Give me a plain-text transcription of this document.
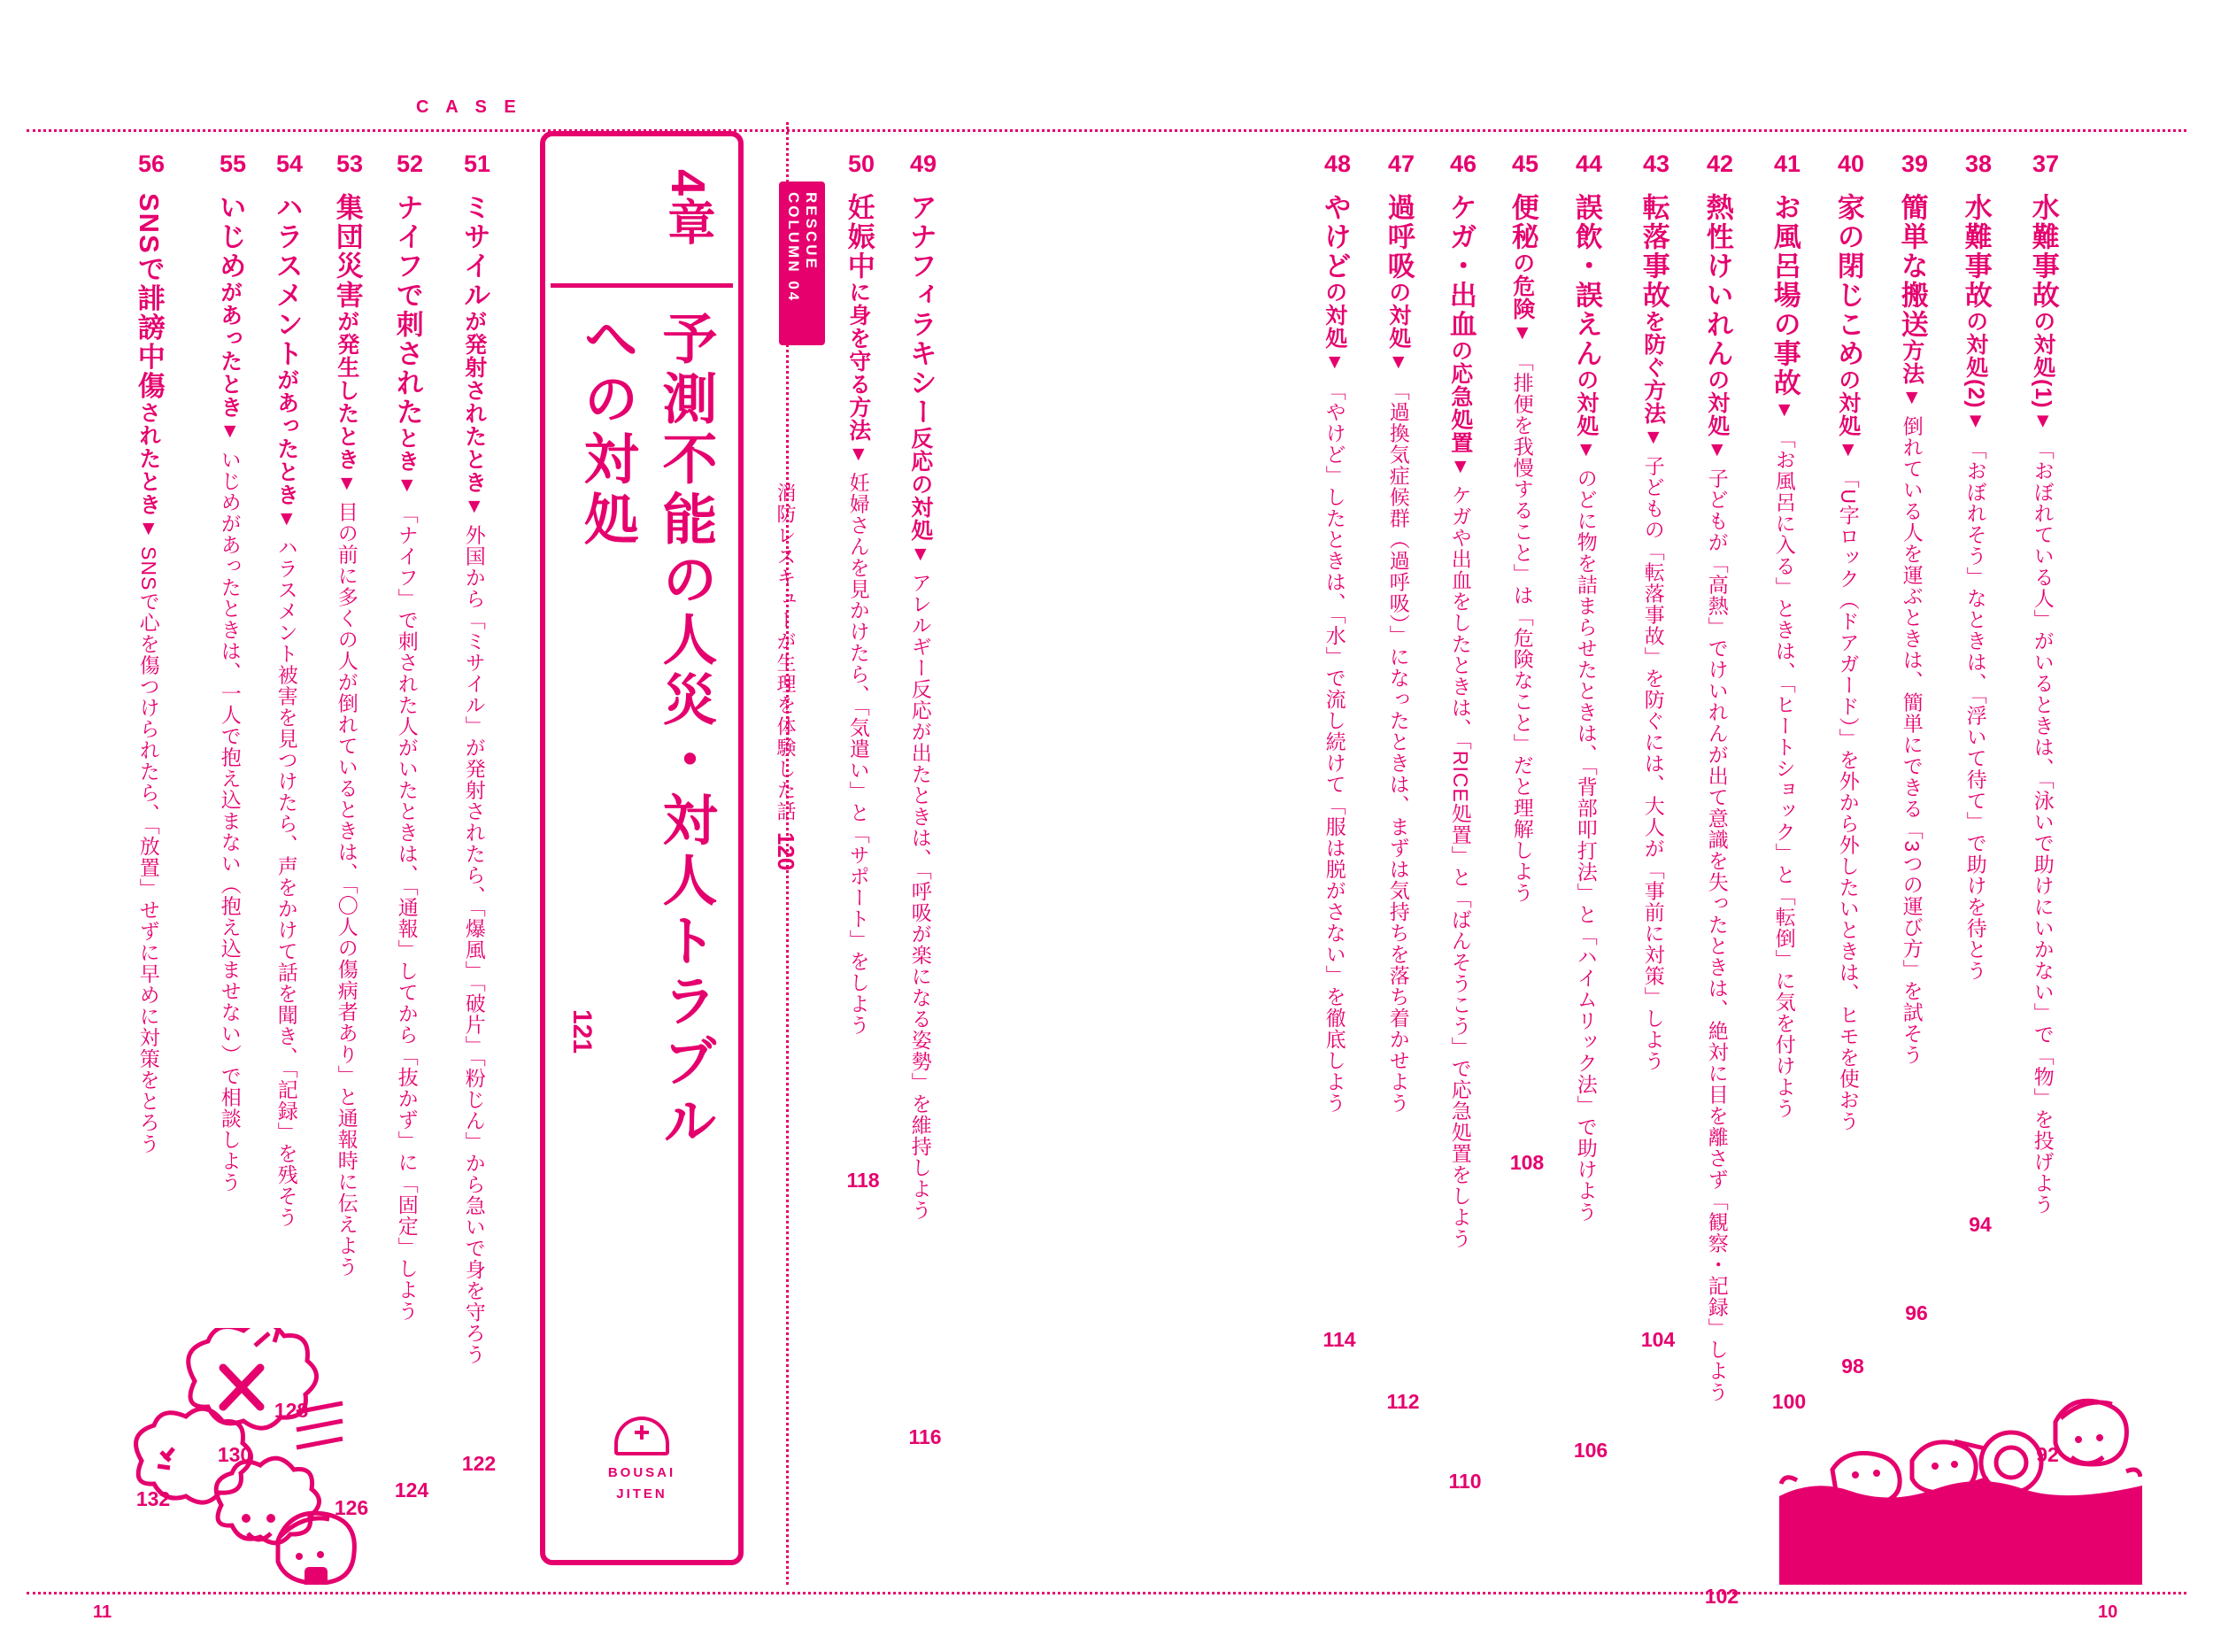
C A S E
4章
予測不能の人災・対人トラブルへの対処
121
BOUSAI
JITEN
RESCUE COLUMN 04
消防レスキューが生理を体験した話
120
56
SNSで誹謗中傷されたとき▼ SNSで心を傷つけられたら、「放置」せずに早めに対策をとろう
132
55
いじめがあったとき▼ いじめがあったときは、一人で抱え込まない（抱え込ませない）で相談しよう
130
54
ハラスメントがあったとき▼ ハラスメント被害を見つけたら、声をかけて話を聞き、「記録」を残そう
128
53
集団災害が発生したとき▼ 目の前に多くの人が倒れているときは、「〇人の傷病者あり」と通報時に伝えよう
126
52
ナイフで刺されたとき▼ 「ナイフ」で刺された人がいたときは、「通報」してから「抜かず」に「固定」しよう
124
51
ミサイルが発射されたとき▼ 外国から「ミサイル」が発射されたら、「爆風」「破片」「粉じん」から急いで身を守ろう
122
50
妊娠中に身を守る方法▼ 妊婦さんを見かけたら、「気遣い」と「サポート」をしよう
118
49
アナフィラキシー反応の対処▼ アレルギー反応が出たときは、「呼吸が楽になる姿勢」を維持しよう
116
48
やけどの対処▼ 「やけど」したときは、「水」で流し続けて「服は脱がさない」を徹底しよう
114
47
過呼吸の対処▼ 「過換気症候群（過呼吸）」になったときは、まずは気持ちを落ち着かせよう
112
46
ケガ・出血の応急処置▼ ケガや出血をしたときは、「RICE処置」と「ばんそうこう」で応急処置をしよう
110
45
便秘の危険▼ 「排便を我慢すること」は「危険なこと」だと理解しよう
108
44
誤飲・誤えんの対処▼ のどに物を詰まらせたときは、「背部叩打法」と「ハイムリック法」で助けよう
106
43
転落事故を防ぐ方法▼ 子どもの「転落事故」を防ぐには、大人が「事前に対策」しよう
104
42
熱性けいれんの対処▼ 子どもが「高熱」でけいれんが出て意識を失ったときは、絶対に目を離さず「観察・記録」しよう
102
41
お風呂場の事故▼ 「お風呂に入る」ときは、「ヒートショック」と「転倒」に気を付けよう
100
40
家の閉じこめの対処▼ 「U字ロック（ドアガード）」を外から外したいときは、ヒモを使おう
98
39
簡単な搬送方法▼ 倒れている人を運ぶときは、簡単にできる「3つの運び方」を試そう
96
38
水難事故の対処(2)▼ 「おぼれそう」なときは、「浮いて待て」で助けを待とう
94
37
水難事故の対処(1)▼ 「おぼれている人」がいるときは、「泳いで助けにいかない」で「物」を投げよう
92
11	10
